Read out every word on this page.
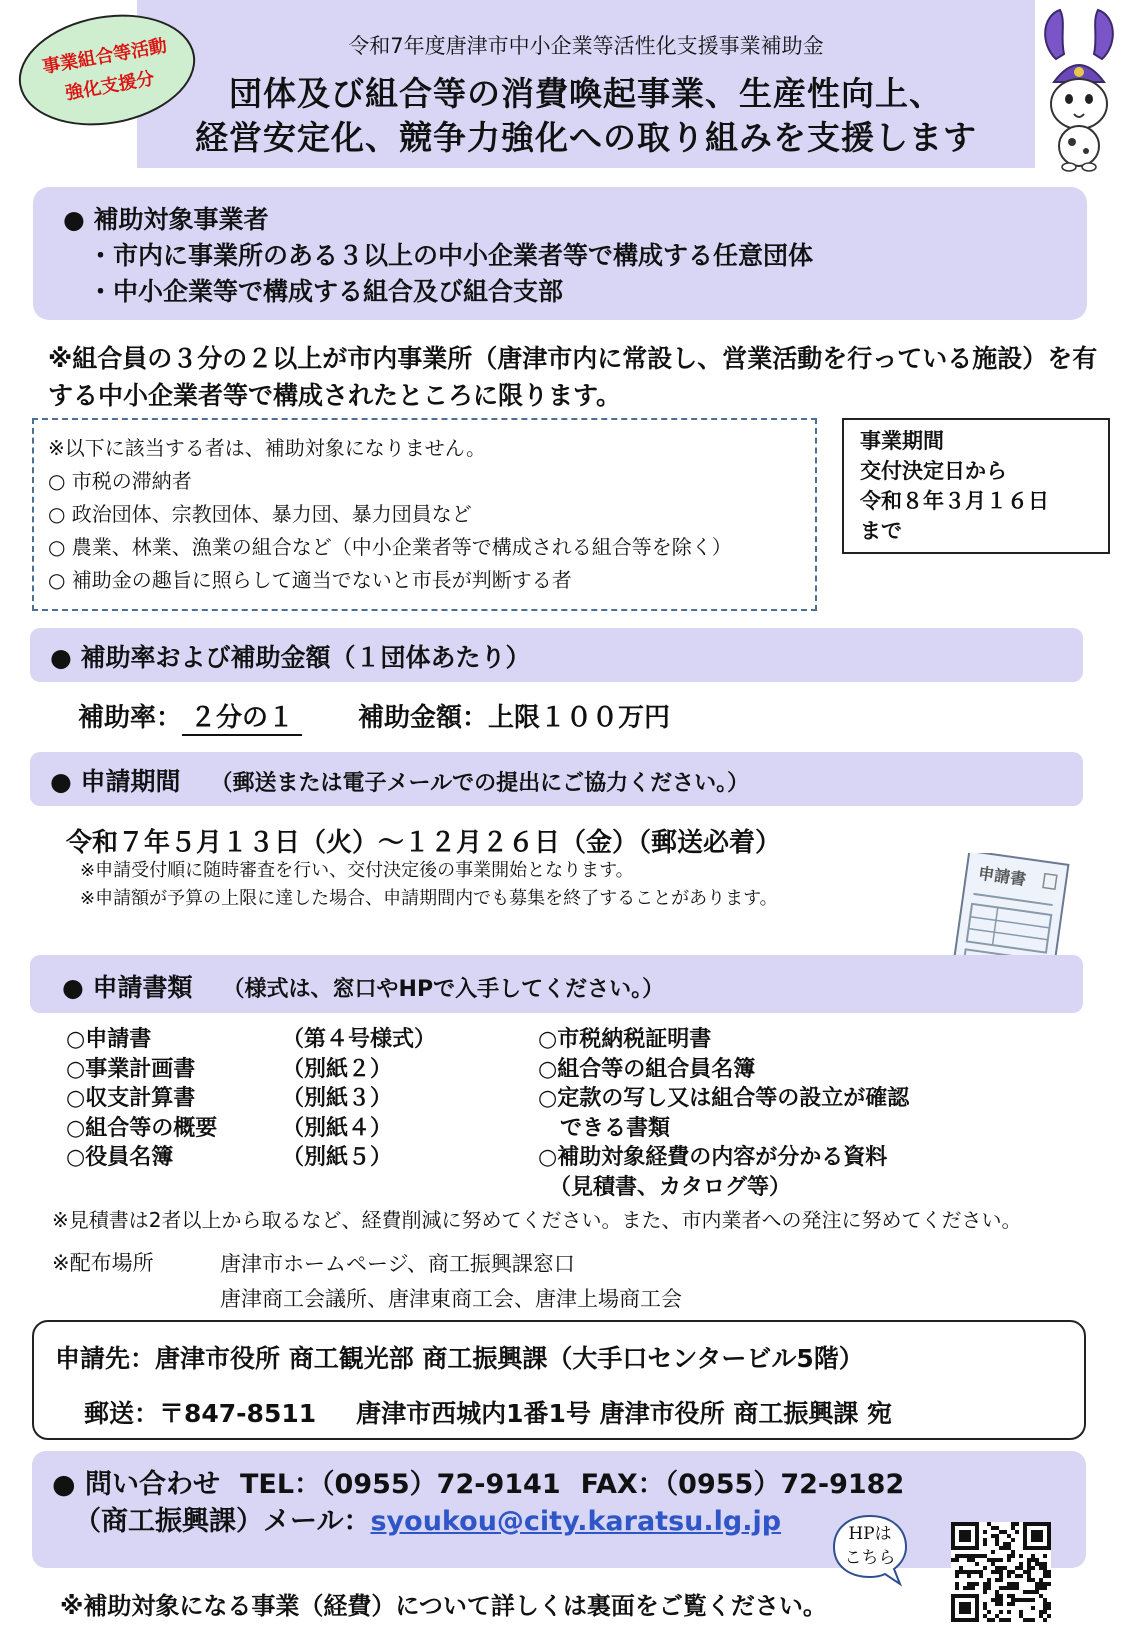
令和7年度唐津市中小企業等活性化支援事業補助金
団体及び組合等の消費喚起事業、生産性向上、
経営安定化、競争力強化への取り組みを支援します
事業組合等活動
強化支援分
● 補助対象事業者
・市内に事業所のある３以上の中小企業者等で構成する任意団体
・中小企業等で構成する組合及び組合支部
※組合員の３分の２以上が市内事業所（唐津市内に常設し、営業活動を行っている施設）を有する中小企業者等で構成されたところに限ります。
※以下に該当する者は、補助対象になりません。
○ 市税の滞納者
○ 政治団体、宗教団体、暴力団、暴力団員など
○ 農業、林業、漁業の組合など（中小企業者等で構成される組合等を除く）
○ 補助金の趣旨に照らして適当でないと市長が判断する者
事業期間
交付決定日から
令和８年３月１６日
まで
● 補助率および補助金額（１団体あたり）
補助率： ２分の１ 補助金額：上限１００万円
● 申請期間 （郵送または電子メールでの提出にご協力ください。）
令和７年５月１３日（火）～１２月２６日（金）（郵送必着）
※申請受付順に随時審査を行い、交付決定後の事業開始となります。
※申請額が予算の上限に達した場合、申請期間内でも募集を終了することがあります。
申請書
● 申請書類 （様式は、窓口やHPで入手してください。）
○申請書
○事業計画書
○収支計算書
○組合等の概要
○役員名簿
（第４号様式）
（別紙２）
（別紙３）
（別紙４）
（別紙５）
○市税納税証明書
○組合等の組合員名簿
○定款の写し又は組合等の設立が確認
　できる書類
○補助対象経費の内容が分かる資料
　（見積書、カタログ等）
※見積書は2者以上から取るなど、経費削減に努めてください。また、市内業者への発注に努めてください。
※配布場所	唐津市ホームページ、商工振興課窓口
唐津商工会議所、唐津東商工会、唐津上場商工会
申請先：唐津市役所 商工観光部 商工振興課（大手口センタービル5階）
郵送：〒847-8511 唐津市西城内1番1号 唐津市役所 商工振興課 宛
● 問い合わせ TEL：（0955）72-9141 FAX：（0955）72-9182
（商工振興課）メール：syoukou@city.karatsu.lg.jp	HPは
こちら
※補助対象になる事業（経費）について詳しくは裏面をご覧ください。
